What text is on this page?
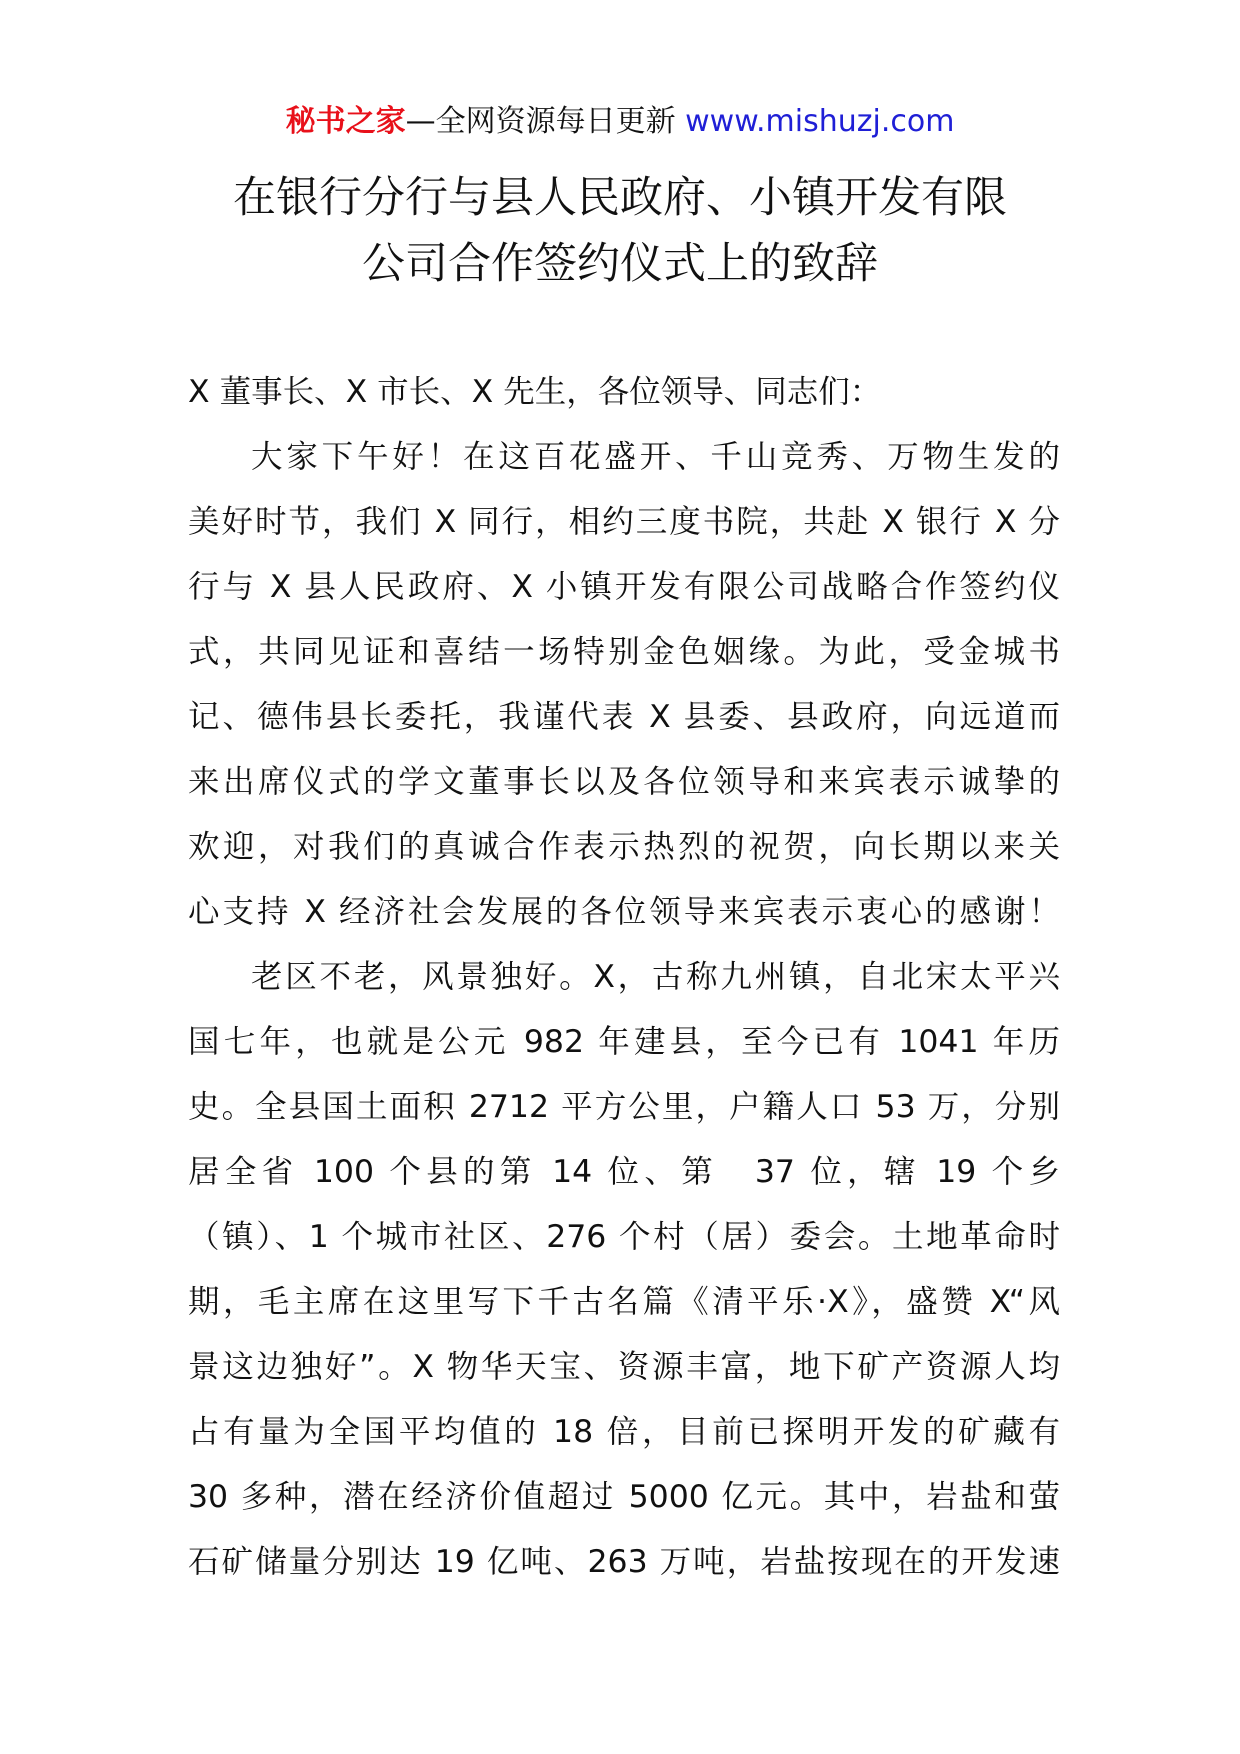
秘书之家—全网资源每日更新 www.mishuzj.com
在银行分行与县人民政府、小镇开发有限
公司合作签约仪式上的致辞

X 董事长、X 市长、X 先生，各位领导、同志们：

大家下午好！在这百花盛开、千山竞秀、万物生发的
美好时节，我们 X 同行，相约三度书院，共赴 X 银行 X 分
行与 X 县人民政府、X 小镇开发有限公司战略合作签约仪
式，共同见证和喜结一场特别金色姻缘。为此，受金城书
记、德伟县长委托，我谨代表 X 县委、县政府，向远道而
来出席仪式的学文董事长以及各位领导和来宾表示诚挚的
欢迎，对我们的真诚合作表示热烈的祝贺，向长期以来关
心支持 X 经济社会发展的各位领导来宾表示衷心的感谢！

老区不老，风景独好。X，古称九州镇，自北宋太平兴
国七年，也就是公元 982 年建县，至今已有 1041 年历
史。全县国土面积 2712 平方公里，户籍人口 53 万，分别
居全省 100 个县的第 14 位、第　37 位，辖 19 个乡
（镇）、1 个城市社区、276 个村（居）委会。土地革命时
期，毛主席在这里写下千古名篇《清平乐·X》，盛赞 X“风
景这边独好”。X 物华天宝、资源丰富，地下矿产资源人均
占有量为全国平均值的 18 倍，目前已探明开发的矿藏有
30 多种，潜在经济价值超过 5000 亿元。其中，岩盐和萤
石矿储量分别达 19 亿吨、263 万吨，岩盐按现在的开发速
